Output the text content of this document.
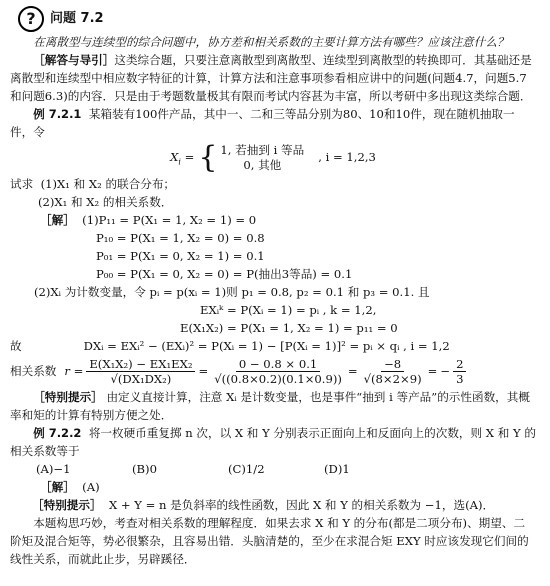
?	问题 7.2

在离散型与连续型的综合问题中，协方差和相关系数的主要计算方法有哪些？应该注意什么？

［解答与导引］这类综合题，只要注意离散型到离散型、连续型到离散型的转换即可．其基础还是离散型和连续型中相应数字特征的计算，计算方法和注意事项参看相应讲中的问题(问题4.7，问题5.7和问题6.3)的内容．只是由于考题数量极其有限而考试内容甚为丰富，所以考研中多出现这类综合题．

例 7.2.1 某箱装有100件产品，其中一、二和三等品分别为80、10和10件，现在随机抽取一件，令

$X_i$ = { 1, 若抽到 i 等品
0, 其他
, i = 1,2,3

试求 (1)X₁ 和 X₂ 的联合分布；

(2)X₁ 和 X₂ 的相关系数．

［解］ (1)P₁₁ = P(X₁ = 1, X₂ = 1) = 0

P₁₀ = P(X₁ = 1, X₂ = 0) = 0.8

P₀₁ = P(X₁ = 0, X₂ = 1) = 0.1

P₀₀ = P(X₁ = 0, X₂ = 0) = P(抽出3等品) = 0.1

(2)Xᵢ 为计数变量，令 pᵢ = p(xᵢ = 1)则 p₁ = 0.8, p₂ = 0.1 和 p₃ = 0.1. 且

EXᵢᵏ = P(Xᵢ = 1) = pᵢ , k = 1,2,

E(X₁X₂) = P(X₁ = 1, X₂ = 1) = p₁₁ = 0

故	DXᵢ = EXᵢ² − (EXᵢ)² = P(Xᵢ = 1) − [P(Xᵢ = 1)]² = pᵢ × qᵢ , i = 1,2

相关系数 $r = \frac{\text{E(X₁X₂) − EX₁EX₂}}{\text{√(DX₁DX₂)}} = \frac{0 - 0.8 \times 0.1}{√((0.8\times 0.2)(0.1\times 0.9))} = \frac{-8}{√(8\times 2\times 9)}$ = − $\frac{2}{3}$

［特别提示］ 由定义直接计算，注意 Xᵢ 是计数变量，也是事件“抽到 i 等产品”的示性函数，其概率和矩的计算有特别方便之处．

例 7.2.2 将一枚硬币重复掷 n 次，以 X 和 Y 分别表示正面向上和反面向上的次数，则 X 和 Y 的相关系数等于

(A)−1	(B)0	(C)1/2	(D)1

［解］ (A)

［特别提示］ X + Y = n 是负斜率的线性函数，因此 X 和 Y 的相关系数为 −1，选(A)．

本题构思巧妙，考查对相关系数的理解程度．如果去求 X 和 Y 的分布(都是二项分布)、期望、二阶矩及混合矩等，势必很繁杂，且容易出错．头脑清楚的，至少在求混合矩 EXY 时应该发现它们间的线性关系，而就此止步，另辟蹊径．
